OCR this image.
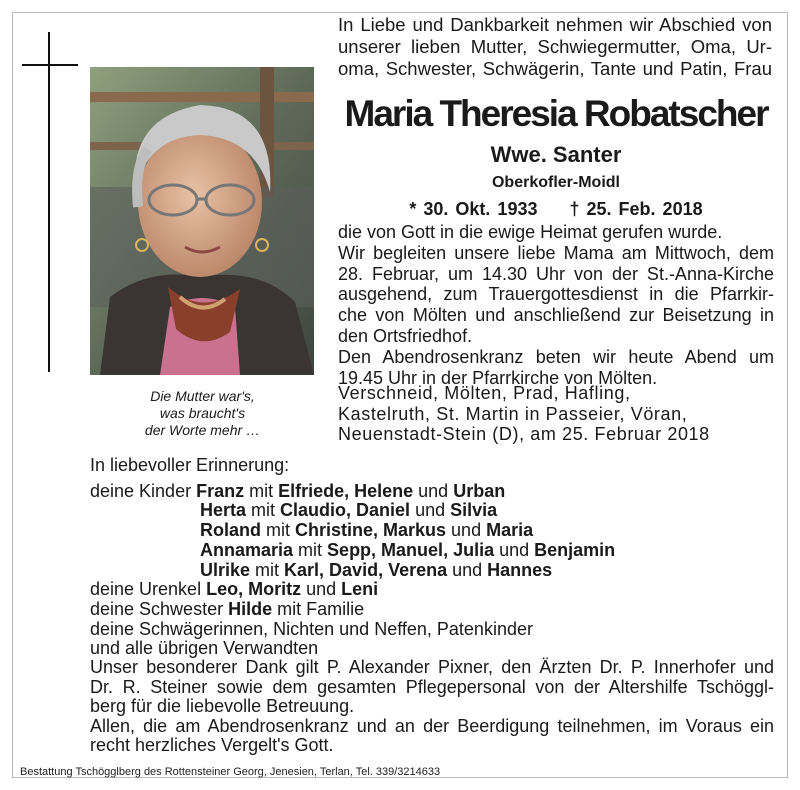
Die Mutter war's,
was braucht's
der Worte mehr …
In Liebe und Dankbarkeit nehmen wir Abschied von
unserer lieben Mutter, Schwiegermutter, Oma, Ur-
oma, Schwester, Schwägerin, Tante und Patin, Frau
Maria Theresia Robatscher
Wwe. Santer
Oberkofler-Moidl
* 30. Okt. 1933 † 25. Feb. 2018
die von Gott in die ewige Heimat gerufen wurde.
Wir begleiten unsere liebe Mama am Mittwoch, dem
28. Februar, um 14.30 Uhr von der St.-Anna-Kirche
ausgehend, zum Trauergottesdienst in die Pfarrkir-
che von Mölten und anschließend zur Beisetzung in
den Ortsfriedhof.
Den Abendrosenkranz beten wir heute Abend um
19.45 Uhr in der Pfarrkirche von Mölten.
Verschneid, Mölten, Prad, Hafling,
Kastelruth, St. Martin in Passeier, Vöran,
Neuenstadt-Stein (D), am 25. Februar 2018
In liebevoller Erinnerung:
deine Kinder Franz mit Elfriede, Helene und Urban
Herta mit Claudio, Daniel und Silvia
Roland mit Christine, Markus und Maria
Annamaria mit Sepp, Manuel, Julia und Benjamin
Ulrike mit Karl, David, Verena und Hannes
deine Urenkel Leo, Moritz und Leni
deine Schwester Hilde mit Familie
deine Schwägerinnen, Nichten und Neffen, Patenkinder
und alle übrigen Verwandten
Unser besonderer Dank gilt P. Alexander Pixner, den Ärzten Dr. P. Innerhofer und
Dr. R. Steiner sowie dem gesamten Pflegepersonal von der Altershilfe Tschöggl-
berg für die liebevolle Betreuung.
Allen, die am Abendrosenkranz und an der Beerdigung teilnehmen, im Voraus ein
recht herzliches Vergelt's Gott.
Bestattung Tschögglberg des Rottensteiner Georg, Jenesien, Terlan, Tel. 339/3214633
